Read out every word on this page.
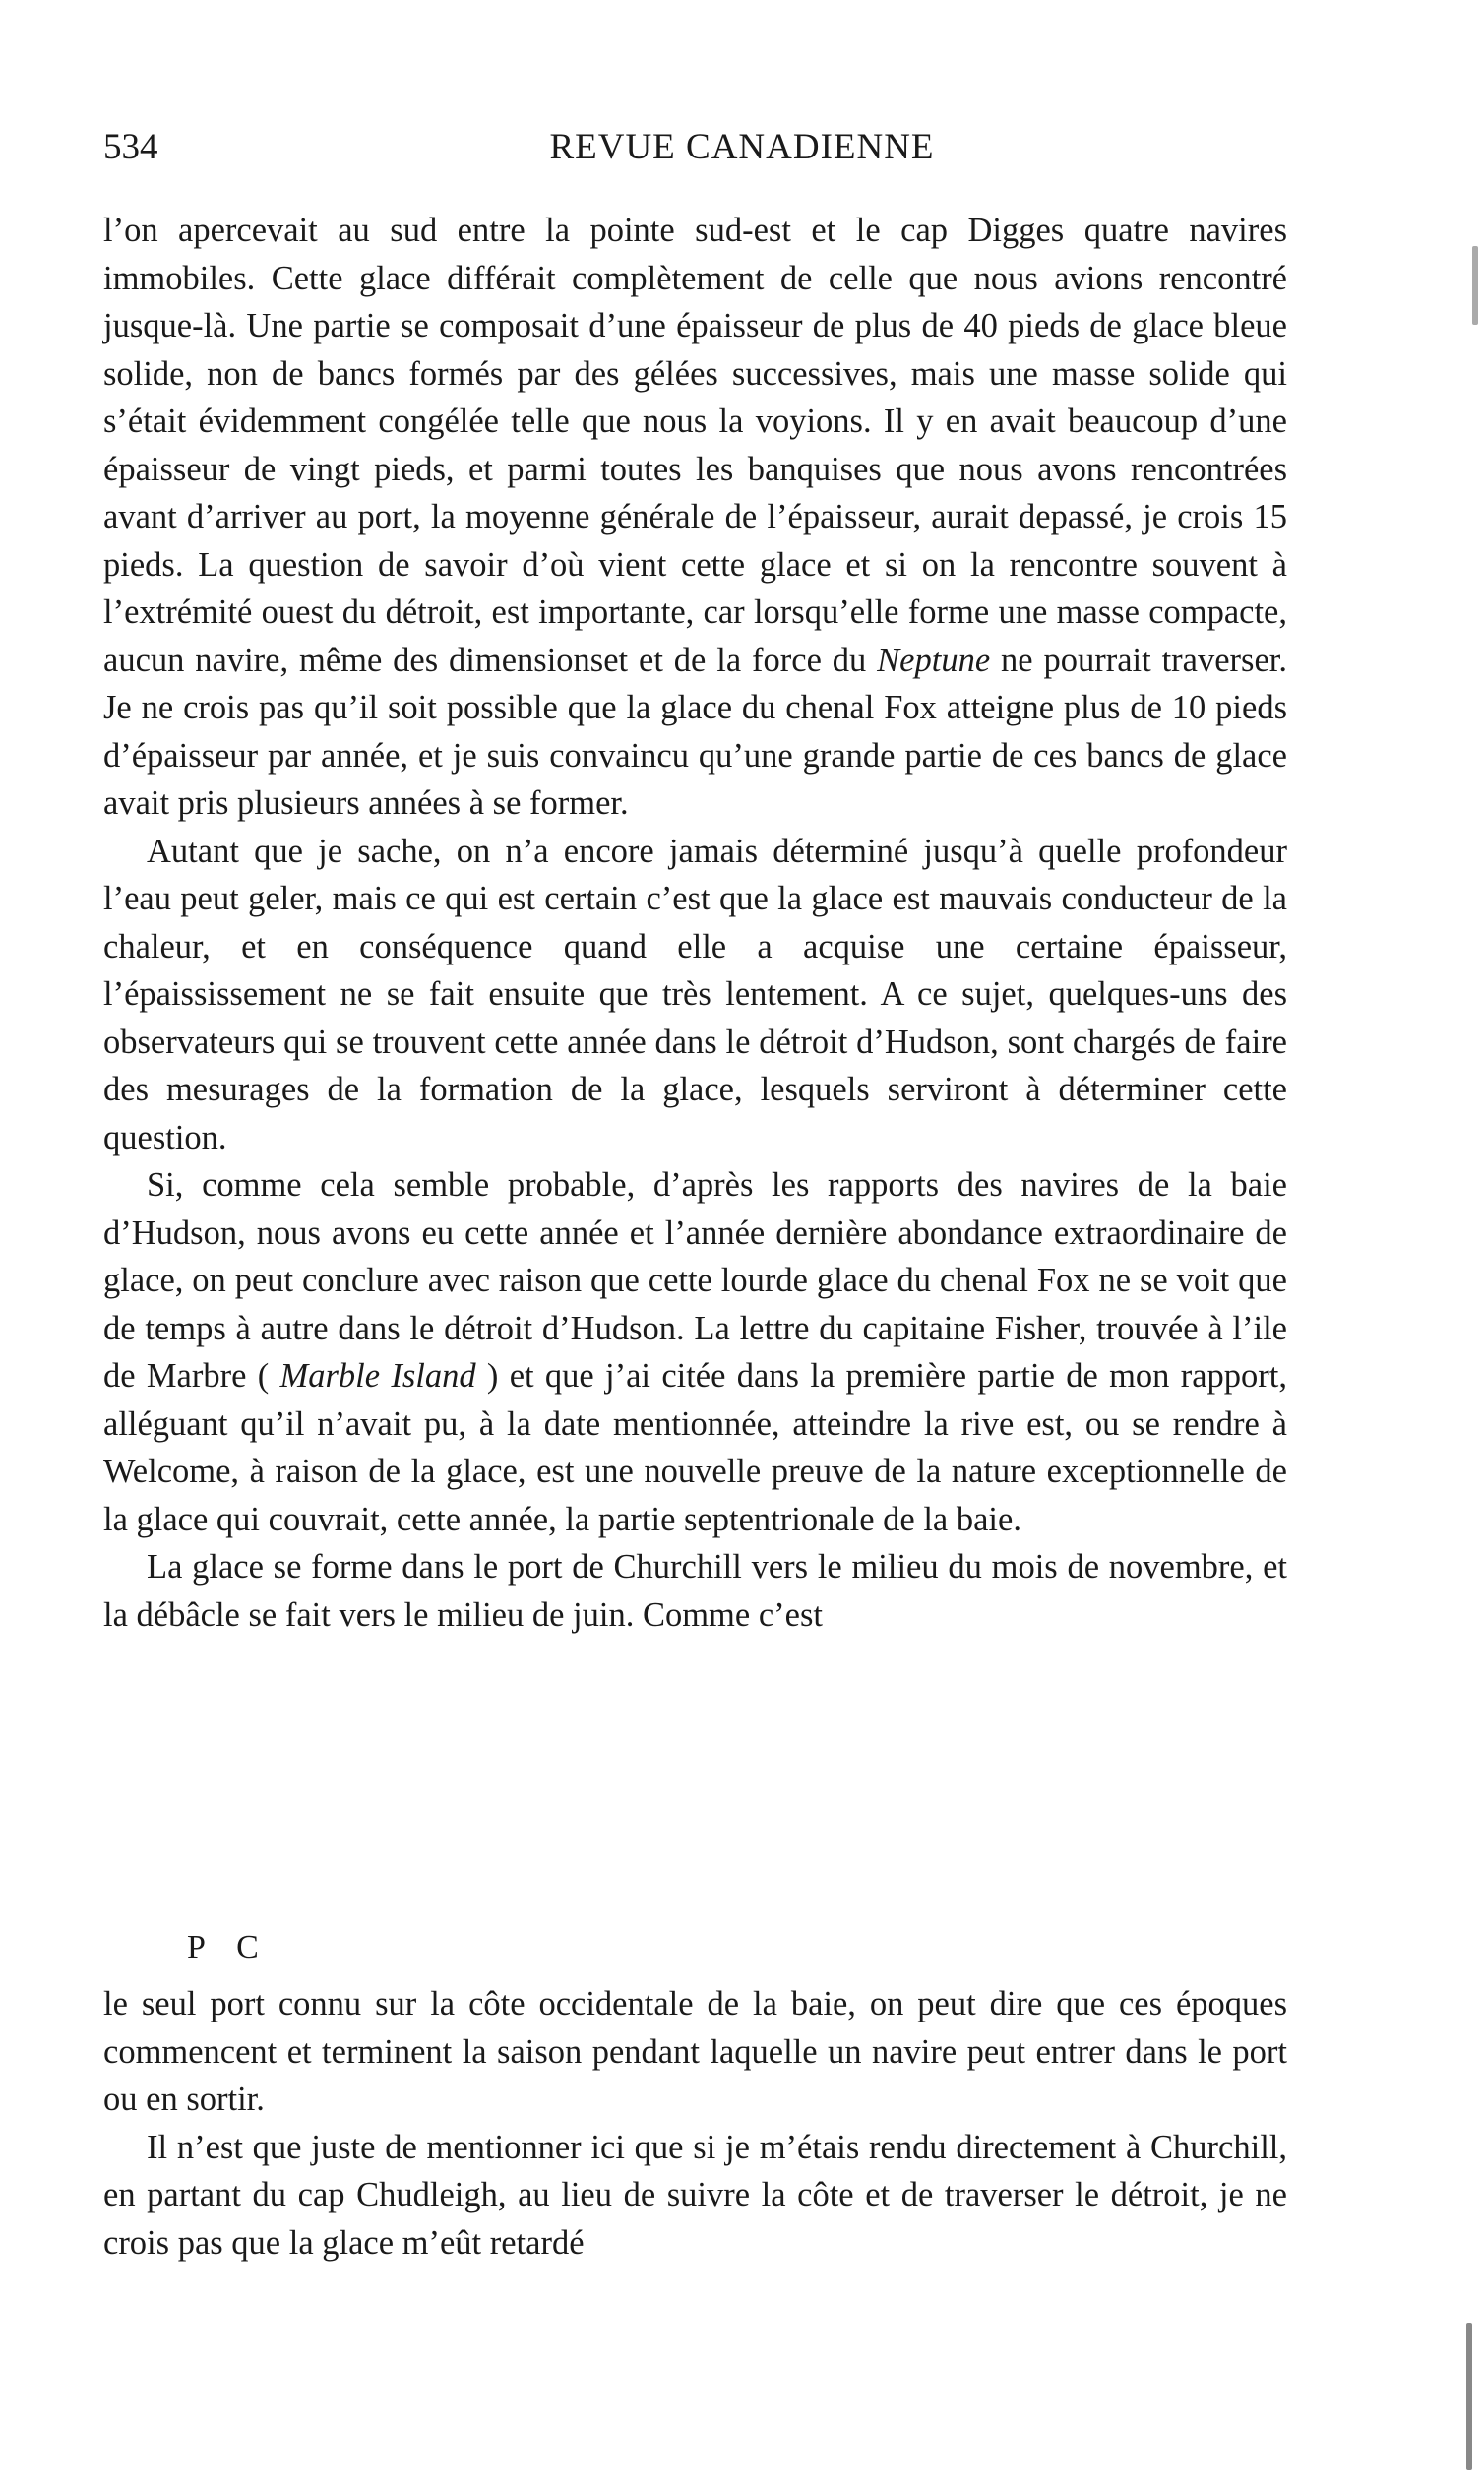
534	REVUE CANADIENNE

l’on apercevait au sud entre la pointe sud-est et le cap Digges quatre navires immobiles. Cette glace différait complètement de celle que nous avions rencontré jusque-là. Une partie se composait d’une épaisseur de plus de 40 pieds de glace bleue solide, non de bancs formés par des gélées successives, mais une masse solide qui s’était évidemment congélée telle que nous la voyions. Il y en avait beaucoup d’une épaisseur de vingt pieds, et parmi toutes les banquises que nous avons rencontrées avant d’arriver au port, la moyenne générale de l’épaisseur, aurait depassé, je crois 15 pieds. La question de savoir d’où vient cette glace et si on la rencontre souvent à l’extrémité ouest du détroit, est importante, car lorsqu’elle forme une masse compacte, aucun navire, même des dimensionset et de la force du Neptune ne pourrait traverser. Je ne crois pas qu’il soit possible que la glace du chenal Fox atteigne plus de 10 pieds d’épaisseur par année, et je suis convaincu qu’une grande partie de ces bancs de glace avait pris plusieurs années à se former.

Autant que je sache, on n’a encore jamais déterminé jusqu’à quelle profondeur l’eau peut geler, mais ce qui est certain c’est que la glace est mauvais conducteur de la chaleur, et en conséquence quand elle a acquise une certaine épaisseur, l’épaississement ne se fait ensuite que très lentement. A ce sujet, quelques-uns des observateurs qui se trouvent cette année dans le détroit d’Hudson, sont chargés de faire des mesurages de la formation de la glace, lesquels serviront à déterminer cette question.

Si, comme cela semble probable, d’après les rapports des navires de la baie d’Hudson, nous avons eu cette année et l’année dernière abondance extraordinaire de glace, on peut conclure avec raison que cette lourde glace du chenal Fox ne se voit que de temps à autre dans le détroit d’Hudson. La lettre du capitaine Fisher, trouvée à l’ile de Marbre ( Marble Island ) et que j’ai citée dans la première partie de mon rapport, alléguant qu’il n’avait pu, à la date mentionnée, atteindre la rive est, ou se rendre à Welcome, à raison de la glace, est une nouvelle preuve de la nature exceptionnelle de la glace qui couvrait, cette année, la partie septentrionale de la baie.

La glace se forme dans le port de Churchill vers le milieu du mois de novembre, et la débâcle se fait vers le milieu de juin. Comme c’est

P C

le seul port connu sur la côte occidentale de la baie, on peut dire que ces époques commencent et terminent la saison pendant laquelle un navire peut entrer dans le port ou en sortir.

Il n’est que juste de mentionner ici que si je m’étais rendu directement à Churchill, en partant du cap Chudleigh, au lieu de suivre la côte et de traverser le détroit, je ne crois pas que la glace m’eût retardé
